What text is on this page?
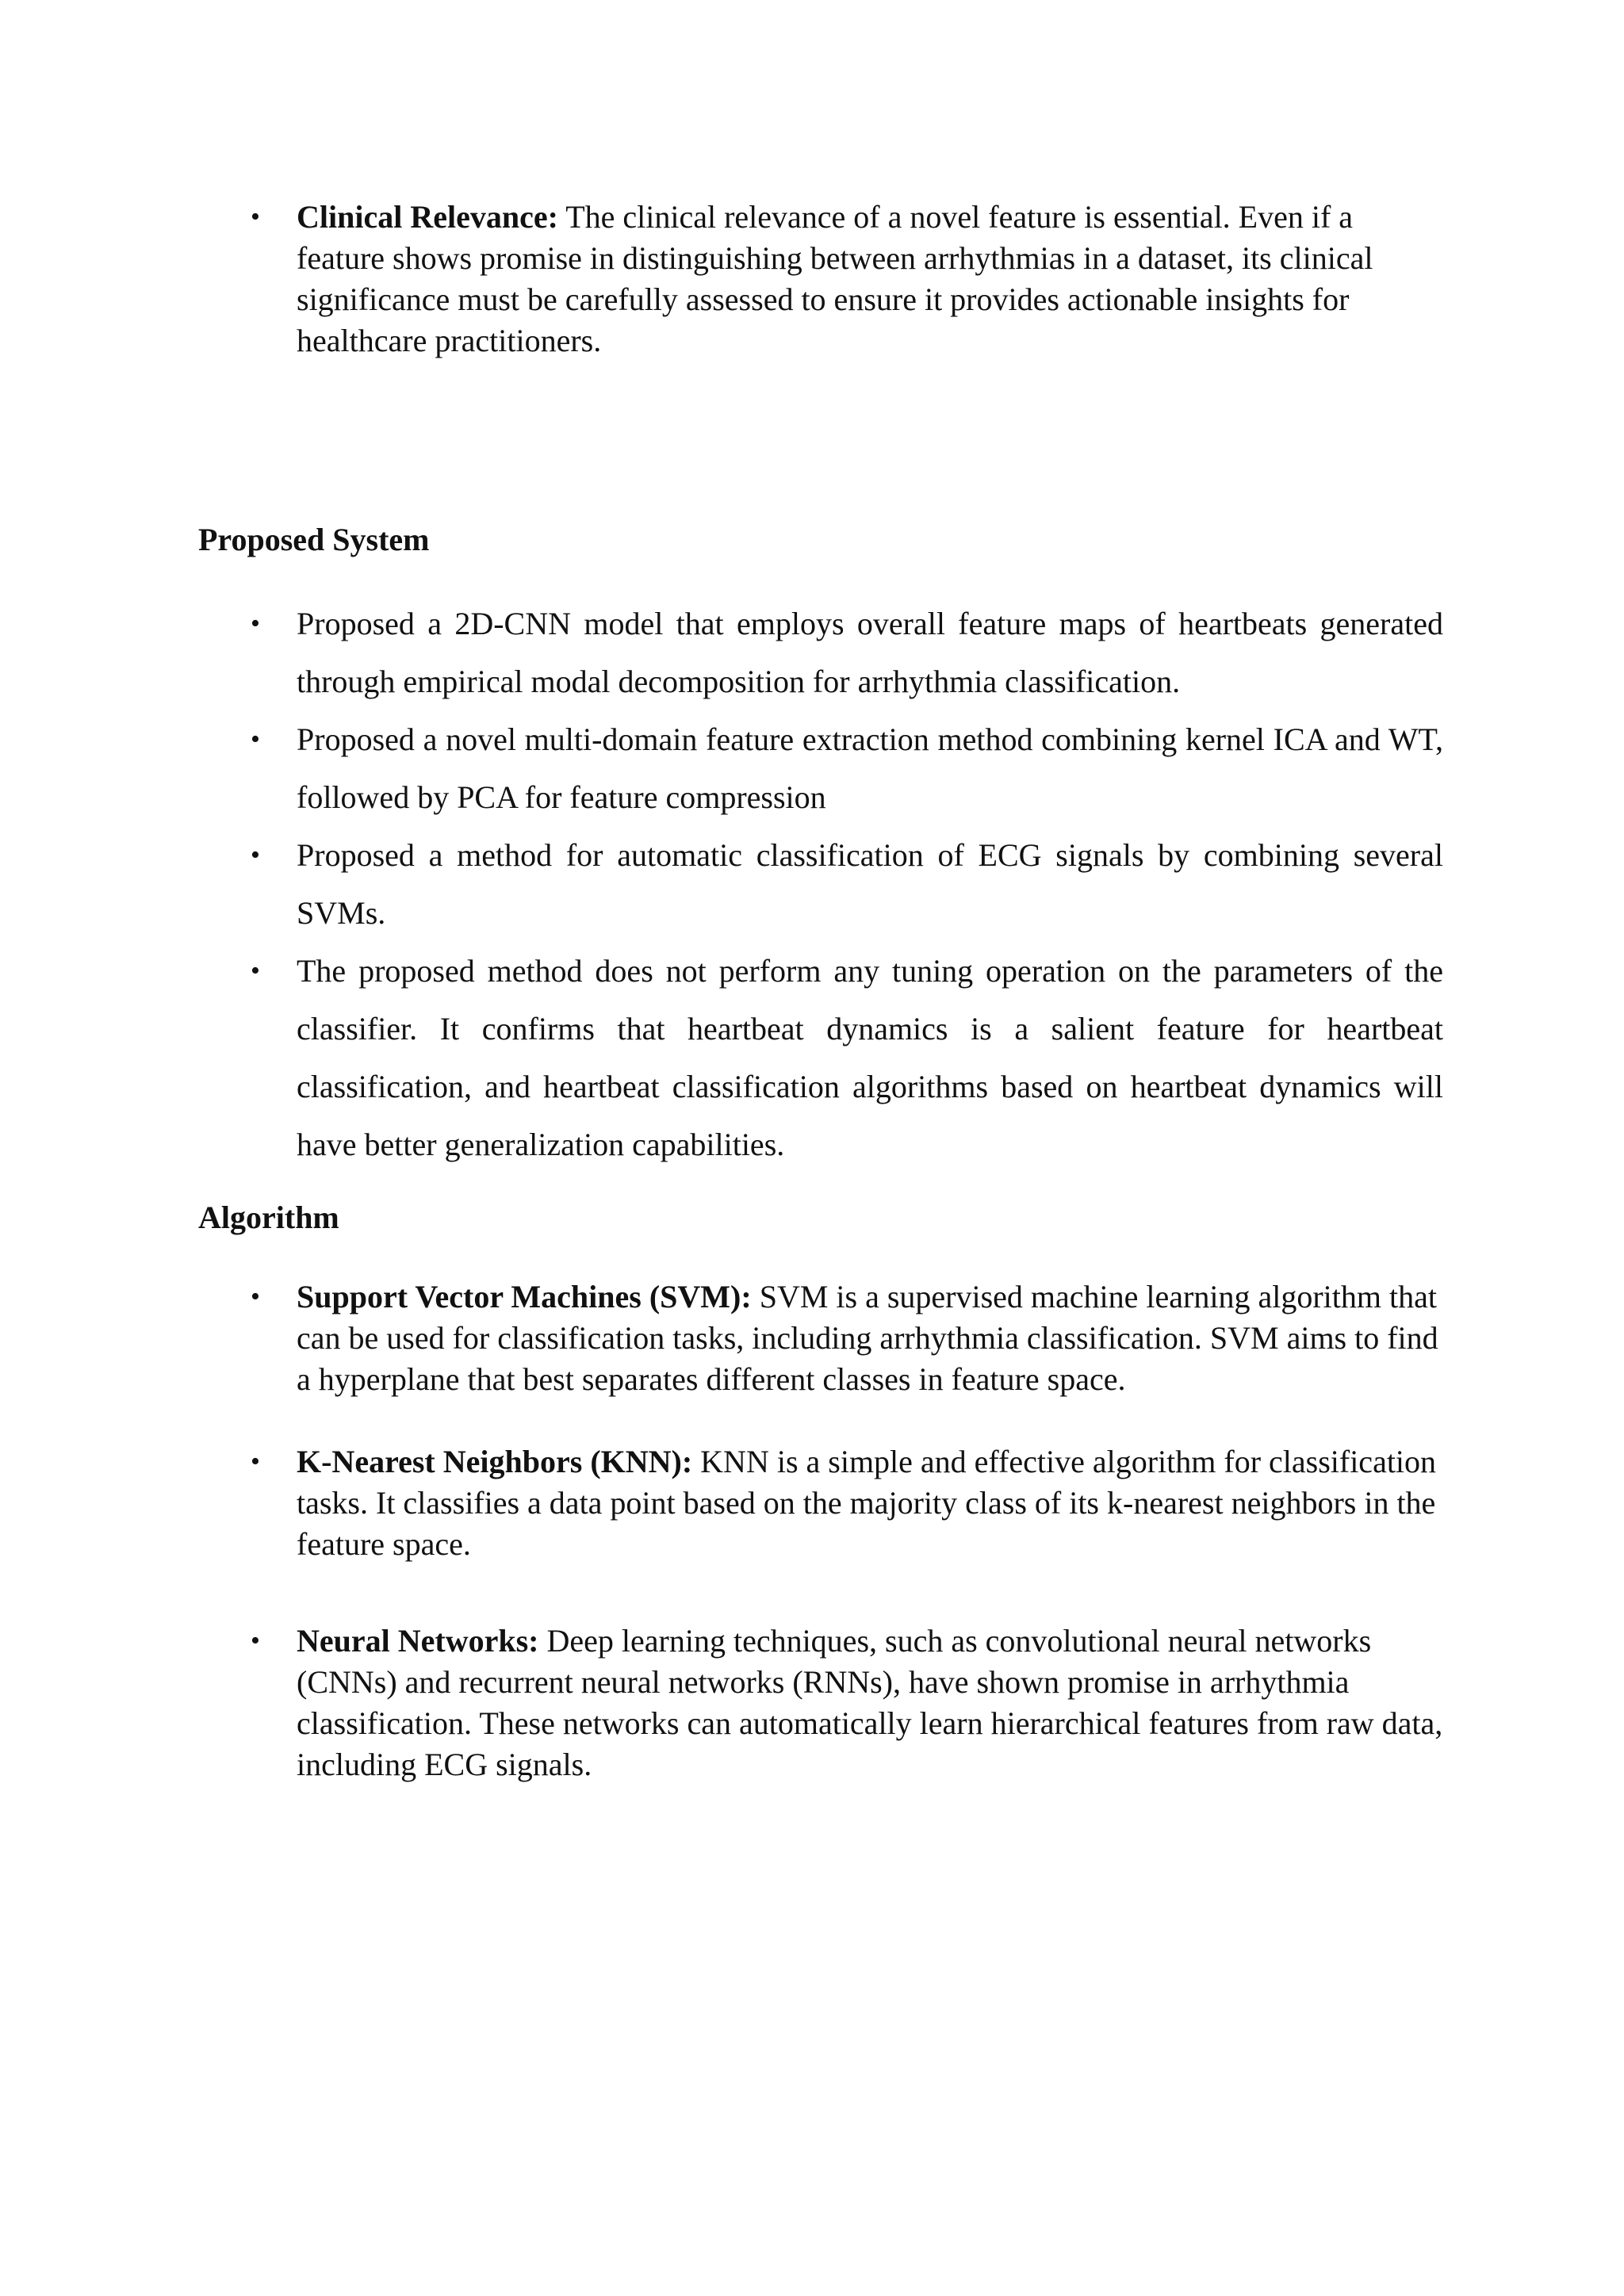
• Clinical Relevance: The clinical relevance of a novel feature is essential. Even if a feature shows promise in distinguishing between arrhythmias in a dataset, its clinical significance must be carefully assessed to ensure it provides actionable insights for healthcare practitioners.
Proposed System
• Proposed a 2D-CNN model that employs overall feature maps of heartbeats generated through empirical modal decomposition for arrhythmia classification.
• Proposed a novel multi-domain feature extraction method combining kernel ICA and WT, followed by PCA for feature compression
• Proposed a method for automatic classification of ECG signals by combining several SVMs.
• The proposed method does not perform any tuning operation on the parameters of the classifier. It confirms that heartbeat dynamics is a salient feature for heartbeat classification, and heartbeat classification algorithms based on heartbeat dynamics will have better generalization capabilities.
Algorithm
• Support Vector Machines (SVM): SVM is a supervised machine learning algorithm that can be used for classification tasks, including arrhythmia classification. SVM aims to find a hyperplane that best separates different classes in feature space.
• K-Nearest Neighbors (KNN): KNN is a simple and effective algorithm for classification tasks. It classifies a data point based on the majority class of its k-nearest neighbors in the feature space.
• Neural Networks: Deep learning techniques, such as convolutional neural networks (CNNs) and recurrent neural networks (RNNs), have shown promise in arrhythmia classification. These networks can automatically learn hierarchical features from raw data, including ECG signals.
